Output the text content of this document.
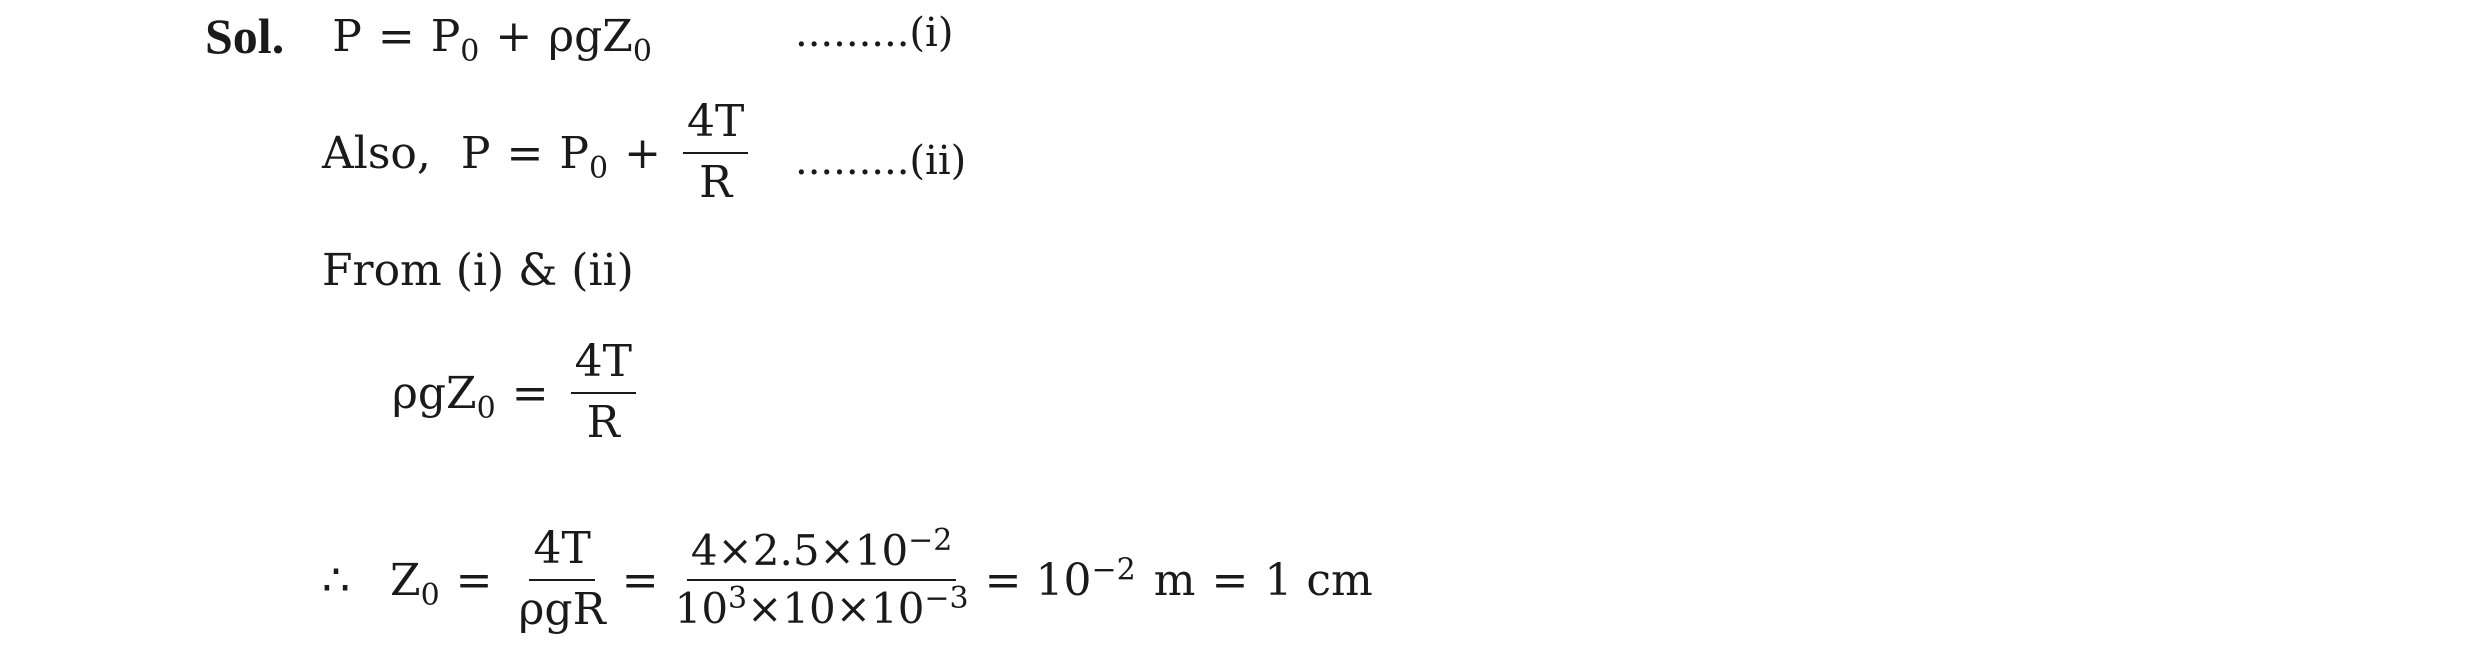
Sol. $P = P_0 + \rho gZ_0$	.........(i)
Also, $P = P_0 + \frac{4T}{R} .........(ii)$
From (i) & (ii)
$\rho gZ_0 = \frac{4T}{R}$
∴ $Z_0 = \frac{4T}{\text{ρgR}} = \frac{4\times 2.5\times 10^{-2}}{10^3\times 10\times 10^{-3}} = 10^{-2}$ m = 1 cm
